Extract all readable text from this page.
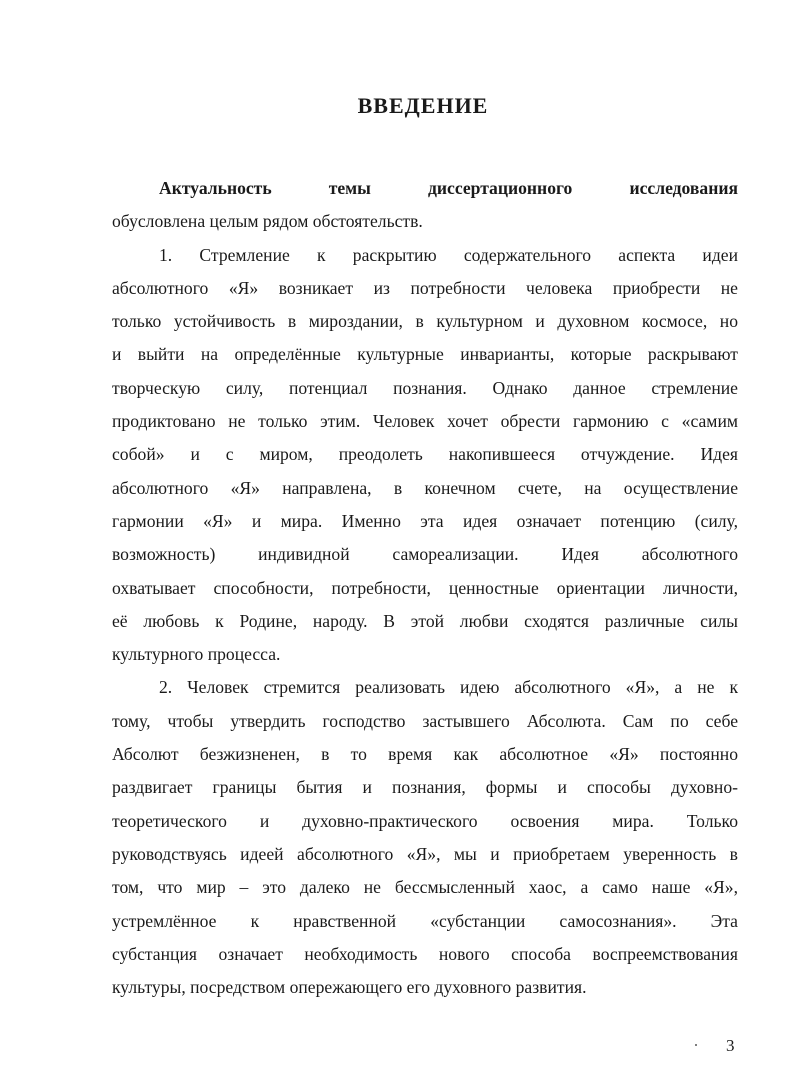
ВВЕДЕНИЕ
Актуальность	темы	диссертационного	исследования
обусловлена целым рядом обстоятельств.
1. Стремление к раскрытию содержательного аспекта идеи
абсолютного «Я» возникает из потребности человека приобрести не
только устойчивость в мироздании, в культурном и духовном космосе, но
и выйти на определённые культурные инварианты, которые раскрывают
творческую силу, потенциал познания. Однако данное стремление
продиктовано не только этим. Человек хочет обрести гармонию с «самим
собой» и с миром, преодолеть накопившееся отчуждение. Идея
абсолютного «Я» направлена, в конечном счете, на осуществление
гармонии «Я» и мира. Именно эта идея означает потенцию (силу,
возможность) индивидной самореализации. Идея абсолютного
охватывает способности, потребности, ценностные ориентации личности,
её любовь к Родине, народу. В этой любви сходятся различные силы
культурного процесса.
2. Человек стремится реализовать идею абсолютного «Я», а не к
тому, чтобы утвердить господство застывшего Абсолюта. Сам по себе
Абсолют безжизненен, в то время как абсолютное «Я» постоянно
раздвигает границы бытия и познания, формы и способы духовно-
теоретического и духовно-практического освоения мира. Только
руководствуясь идеей абсолютного «Я», мы и приобретаем уверенность в
том, что мир – это далеко не бессмысленный хаос, а само наше «Я»,
устремлённое к нравственной «субстанции самосознания». Эта
субстанция означает необходимость нового способа воспреемствования
культуры, посредством опережающего его духовного развития.
3
